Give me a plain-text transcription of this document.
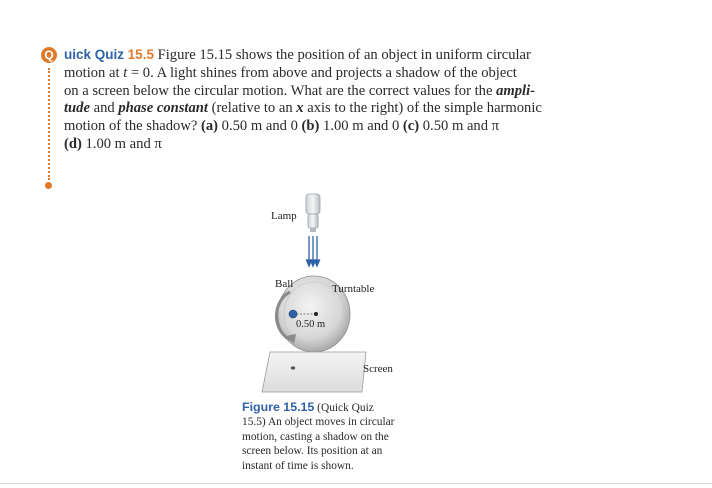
Q uick Quiz 15.5 Figure 15.15 shows the position of an object in uniform circular
motion at t = 0. A light shines from above and projects a shadow of the object
on a screen below the circular motion. What are the correct values for the ampli-
tude and phase constant (relative to an x axis to the right) of the simple harmonic
motion of the shadow? (a) 0.50 m and 0 (b) 1.00 m and 0 (c) 0.50 m and π
(d) 1.00 m and π
Lamp
Ball	Turntable
0.50 m
Screen
Figure 15.15 (Quick Quiz
15.5) An object moves in circular
motion, casting a shadow on the
screen below. Its position at an
instant of time is shown.
